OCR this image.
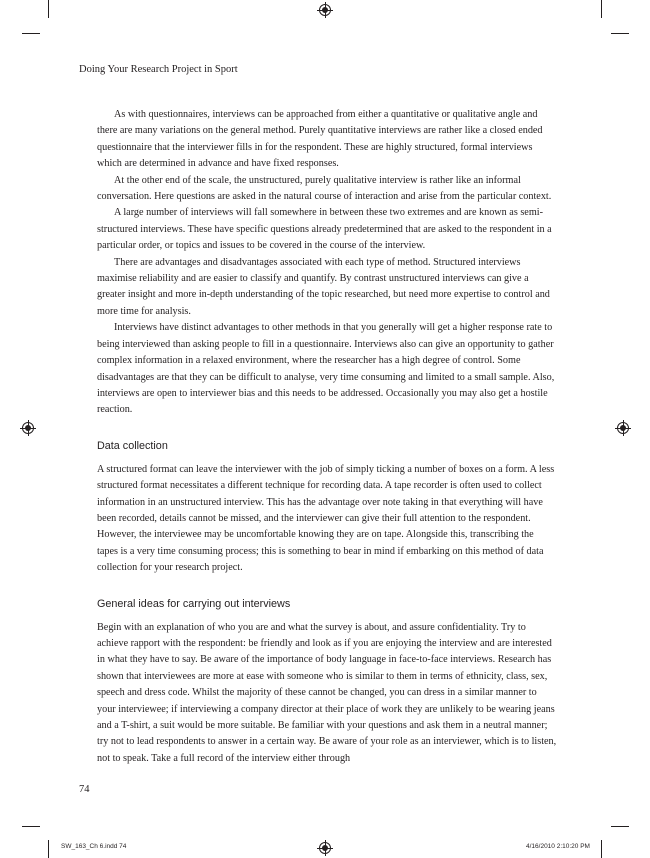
Doing Your Research Project in Sport

As with questionnaires, interviews can be approached from either a quantitative or qualitative angle and there are many variations on the general method. Purely quantitative interviews are rather like a closed ended questionnaire that the interviewer fills in for the respondent. These are highly structured, formal interviews which are determined in advance and have fixed responses.

At the other end of the scale, the unstructured, purely qualitative interview is rather like an informal conversation. Here questions are asked in the natural course of interaction and arise from the particular context.

A large number of interviews will fall somewhere in between these two extremes and are known as semi-structured interviews. These have specific questions already predetermined that are asked to the respondent in a particular order, or topics and issues to be covered in the course of the interview.

There are advantages and disadvantages associated with each type of method. Structured interviews maximise reliability and are easier to classify and quantify. By contrast unstructured interviews can give a greater insight and more in-depth understanding of the topic researched, but need more expertise to control and more time for analysis.

Interviews have distinct advantages to other methods in that you generally will get a higher response rate to being interviewed than asking people to fill in a questionnaire. Interviews also can give an opportunity to gather complex information in a relaxed environment, where the researcher has a high degree of control. Some disadvantages are that they can be difficult to analyse, very time consuming and limited to a small sample. Also, interviews are open to interviewer bias and this needs to be addressed. Occasionally you may also get a hostile reaction.

Data collection

A structured format can leave the interviewer with the job of simply ticking a number of boxes on a form. A less structured format necessitates a different technique for recording data. A tape recorder is often used to collect information in an unstructured interview. This has the advantage over note taking in that everything will have been recorded, details cannot be missed, and the interviewer can give their full attention to the respondent. However, the interviewee may be uncomfortable knowing they are on tape. Alongside this, transcribing the tapes is a very time consuming process; this is something to bear in mind if embarking on this method of data collection for your research project.

General ideas for carrying out interviews

Begin with an explanation of who you are and what the survey is about, and assure confidentiality. Try to achieve rapport with the respondent: be friendly and look as if you are enjoying the interview and are interested in what they have to say. Be aware of the importance of body language in face-to-face interviews. Research has shown that interviewees are more at ease with someone who is similar to them in terms of ethnicity, class, sex, speech and dress code. Whilst the majority of these cannot be changed, you can dress in a similar manner to your interviewee; if interviewing a company director at their place of work they are unlikely to be wearing jeans and a T-shirt, a suit would be more suitable. Be familiar with your questions and ask them in a neutral manner; try not to lead respondents to answer in a certain way. Be aware of your role as an interviewer, which is to listen, not to speak. Take a full record of the interview either through

74

SW_163_Ch 6.indd 74	4/16/2010 2:10:20 PM
